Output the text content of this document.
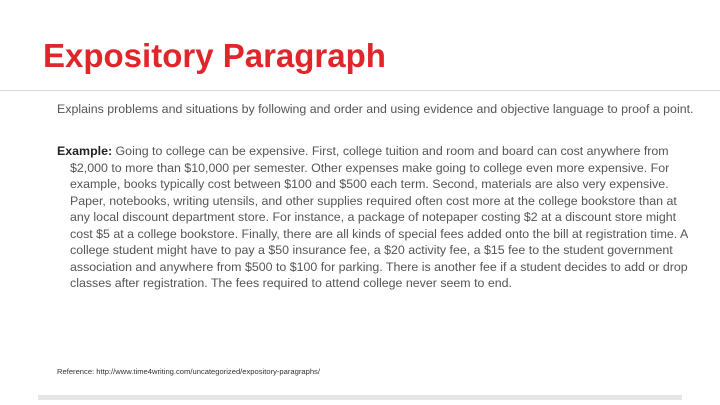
Expository Paragraph

Explains problems and situations by following and order and using evidence and objective language to proof a point.

Example: Going to college can be expensive. First, college tuition and room and board can cost anywhere from $2,000 to more than $10,000 per semester. Other expenses make going to college even more expensive. For example, books typically cost between $100 and $500 each term. Second, materials are also very expensive. Paper, notebooks, writing utensils, and other supplies required often cost more at the college bookstore than at any local discount department store. For instance, a package of notepaper costing $2 at a discount store might cost $5 at a college bookstore. Finally, there are all kinds of special fees added onto the bill at registration time. A college student might have to pay a $50 insurance fee, a $20 activity fee, a $15 fee to the student government association and anywhere from $500 to $100 for parking. There is another fee if a student decides to add or drop classes after registration. The fees required to attend college never seem to end.

Reference: http://www.time4writing.com/uncategorized/expository-paragraphs/
